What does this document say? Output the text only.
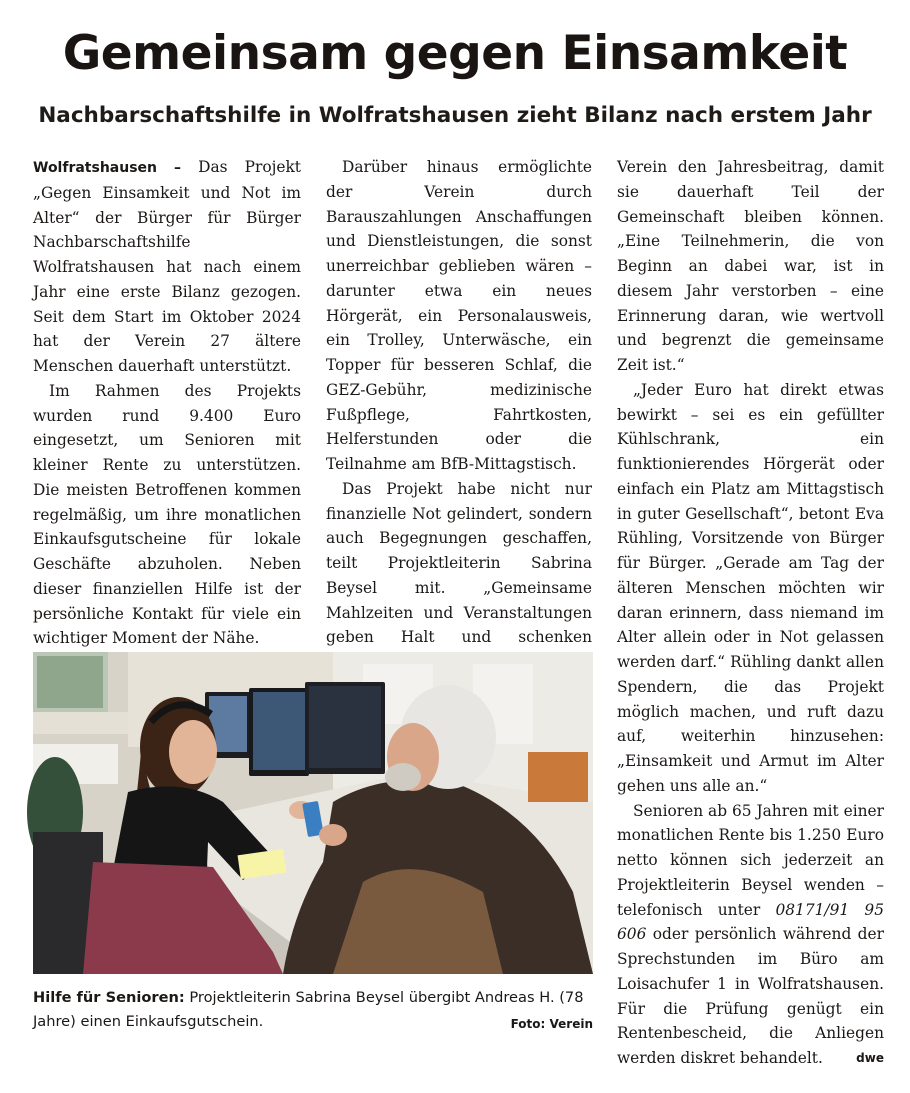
Gemeinsam gegen Einsamkeit
Nachbarschaftshilfe in Wolfratshausen zieht Bilanz nach erstem Jahr

Wolfratshausen – Das Projekt „Gegen Einsamkeit und Not im Alter“ der Bürger für Bürger Nachbarschaftshilfe Wolfratshausen hat nach einem Jahr eine erste Bilanz gezogen. Seit dem Start im Oktober 2024 hat der Verein 27 ältere Menschen dauerhaft unterstützt.

Im Rahmen des Projekts wurden rund 9.400 Euro eingesetzt, um Senioren mit kleiner Rente zu unterstützen. Die meisten Betroffenen kommen regelmäßig, um ihre monatlichen Einkaufsgutscheine für lokale Geschäfte abzuholen. Neben dieser finanziellen Hilfe ist der persönliche Kontakt für viele ein wichtiger Moment der Nähe.

Darüber hinaus ermöglichte der Verein durch Barauszahlungen Anschaffungen und Dienstleistungen, die sonst unerreichbar geblieben wären – darunter etwa ein neues Hörgerät, ein Personalausweis, ein Trolley, Unterwäsche, ein Topper für besseren Schlaf, die GEZ-Gebühr, medizinische Fußpflege, Fahrtkosten, Helferstunden oder die Teilnahme am BfB-Mittagstisch.

Das Projekt habe nicht nur finanzielle Not gelindert, sondern auch Begegnungen geschaffen, teilt Projektleiterin Sabrina Beysel mit. „Gemeinsame Mahlzeiten und Veranstaltungen geben Halt und schenken

Verein den Jahresbeitrag, damit sie dauerhaft Teil der Gemeinschaft bleiben können. „Eine Teilnehmerin, die von Beginn an dabei war, ist in diesem Jahr verstorben – eine Erinnerung daran, wie wertvoll und begrenzt die gemeinsame Zeit ist.“

„Jeder Euro hat direkt etwas bewirkt – sei es ein gefüllter Kühlschrank, ein funktionierendes Hörgerät oder einfach ein Platz am Mittagstisch in guter Gesellschaft“, betont Eva Rühling, Vorsitzende von Bürger für Bürger. „Gerade am Tag der älteren Menschen möchten wir daran erinnern, dass niemand im Alter allein oder in Not gelassen werden darf.“ Rühling dankt allen Spendern, die das Projekt möglich machen, und ruft dazu auf, weiterhin hinzusehen: „Einsamkeit und Armut im Alter gehen uns alle an.“

Senioren ab 65 Jahren mit einer monatlichen Rente bis 1.250 Euro netto können sich jederzeit an Projektleiterin Beysel wenden – telefonisch unter 08171/91 95 606 oder persönlich während der Sprechstunden im Büro am Loisachufer 1 in Wolfratshausen. Für die Prüfung genügt ein Rentenbescheid, die Anliegen werden diskret behandelt.	dwe

Hilfe für Senioren: Projektleiterin Sabrina Beysel übergibt Andreas H. (78 Jahre) einen Einkaufsgutschein.	Foto: Verein
